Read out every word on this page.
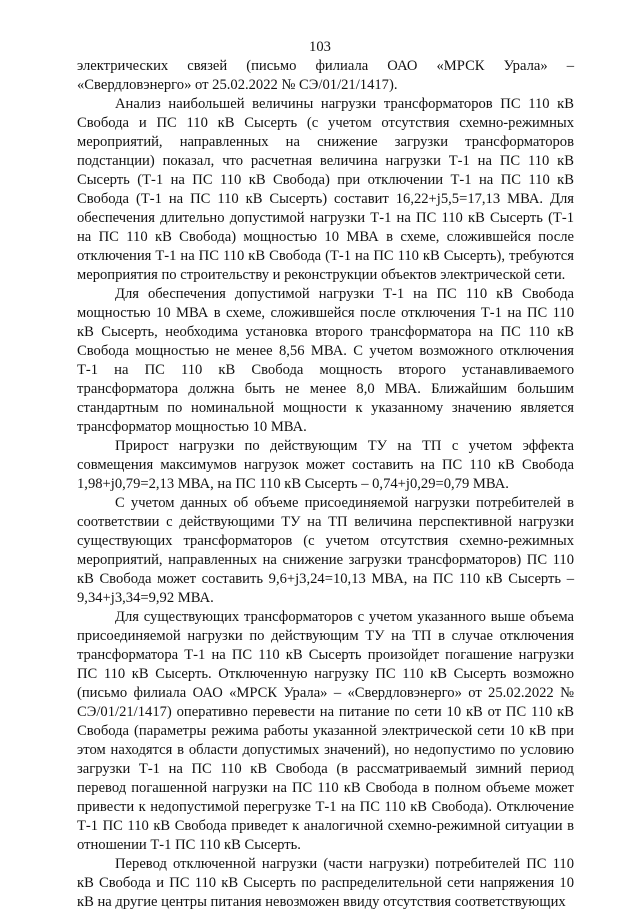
103

электрических связей (письмо филиала ОАО «МРСК Урала» – «Свердловэнерго» от 25.02.2022 № СЭ/01/21/1417).

Анализ наибольшей величины нагрузки трансформаторов ПС 110 кВ Свобода и ПС 110 кВ Сысерть (с учетом отсутствия схемно-режимных мероприятий, направленных на снижение загрузки трансформаторов подстанции) показал, что расчетная величина нагрузки Т-1 на ПС 110 кВ Сысерть (Т-1 на ПС 110 кВ Свобода) при отключении Т-1 на ПС 110 кВ Свобода (Т-1 на ПС 110 кВ Сысерть) составит 16,22+j5,5=17,13 МВА. Для обеспечения длительно допустимой нагрузки Т-1 на ПС 110 кВ Сысерть (Т-1 на ПС 110 кВ Свобода) мощностью 10 МВА в схеме, сложившейся после отключения Т-1 на ПС 110 кВ Свобода (Т-1 на ПС 110 кВ Сысерть), требуются мероприятия по строительству и реконструкции объектов электрической сети.

Для обеспечения допустимой нагрузки Т-1 на ПС 110 кВ Свобода мощностью 10 МВА в схеме, сложившейся после отключения Т-1 на ПС 110 кВ Сысерть, необходима установка второго трансформатора на ПС 110 кВ Свобода мощностью не менее 8,56 МВА. С учетом возможного отключения Т-1 на ПС 110 кВ Свобода мощность второго устанавливаемого трансформатора должна быть не менее 8,0 МВА. Ближайшим большим стандартным по номинальной мощности к указанному значению является трансформатор мощностью 10 МВА.

Прирост нагрузки по действующим ТУ на ТП с учетом эффекта совмещения максимумов нагрузок может составить на ПС 110 кВ Свобода 1,98+j0,79=2,13 МВА, на ПС 110 кВ Сысерть – 0,74+j0,29=0,79 МВА.

С учетом данных об объеме присоединяемой нагрузки потребителей в соответствии с действующими ТУ на ТП величина перспективной нагрузки существующих трансформаторов (с учетом отсутствия схемно-режимных мероприятий, направленных на снижение загрузки трансформаторов) ПС 110 кВ Свобода может составить 9,6+j3,24=10,13 МВА, на ПС 110 кВ Сысерть – 9,34+j3,34=9,92 МВА.

Для существующих трансформаторов с учетом указанного выше объема присоединяемой нагрузки по действующим ТУ на ТП в случае отключения трансформатора Т-1 на ПС 110 кВ Сысерть произойдет погашение нагрузки ПС 110 кВ Сысерть. Отключенную нагрузку ПС 110 кВ Сысерть возможно (письмо филиала ОАО «МРСК Урала» – «Свердловэнерго» от 25.02.2022 № СЭ/01/21/1417) оперативно перевести на питание по сети 10 кВ от ПС 110 кВ Свобода (параметры режима работы указанной электрической сети 10 кВ при этом находятся в области допустимых значений), но недопустимо по условию загрузки Т-1 на ПС 110 кВ Свобода (в рассматриваемый зимний период перевод погашенной нагрузки на ПС 110 кВ Свобода в полном объеме может привести к недопустимой перегрузке Т-1 на ПС 110 кВ Свобода). Отключение Т-1 ПС 110 кВ Свобода приведет к аналогичной схемно-режимной ситуации в отношении Т-1 ПС 110 кВ Сысерть.

Перевод отключенной нагрузки (части нагрузки) потребителей ПС 110 кВ Свобода и ПС 110 кВ Сысерть по распределительной сети напряжения 10 кВ на другие центры питания невозможен ввиду отсутствия соответствующих
